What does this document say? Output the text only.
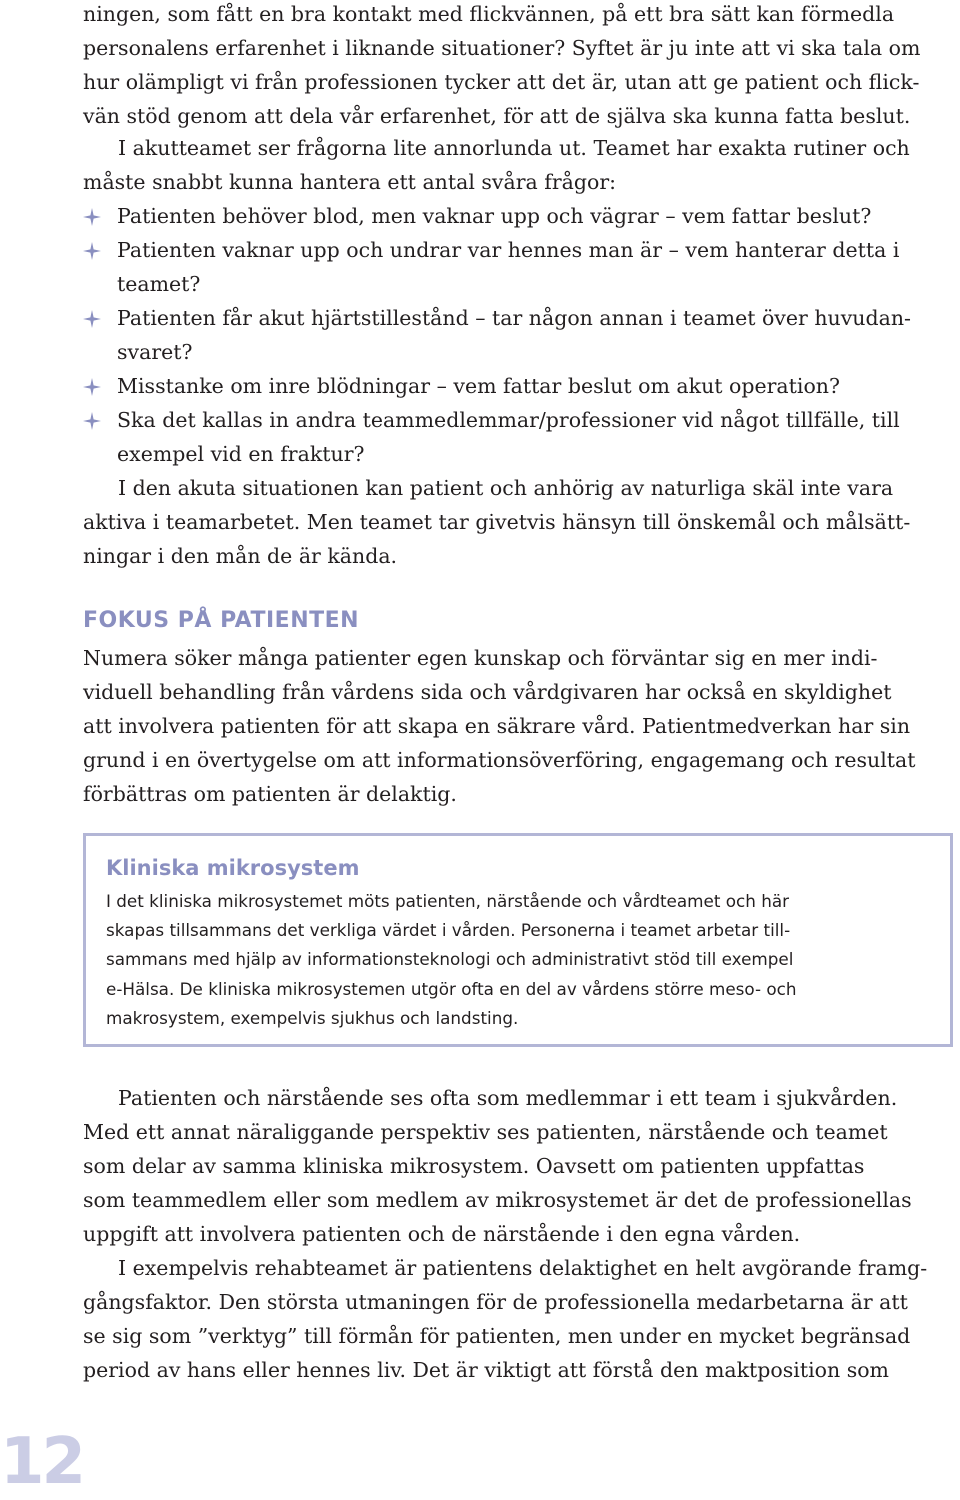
ningen, som fått en bra kontakt med flickvännen, på ett bra sätt kan förmedla

personalens erfarenhet i liknande situationer? Syftet är ju inte att vi ska tala om

hur olämpligt vi från professionen tycker att det är, utan att ge patient och flick-

vän stöd genom att dela vår erfarenhet, för att de själva ska kunna fatta beslut.

I akutteamet ser frågorna lite annorlunda ut. Teamet har exakta rutiner och

måste snabbt kunna hantera ett antal svåra frågor:

Patienten behöver blod, men vaknar upp och vägrar – vem fattar beslut?
Patienten vaknar upp och undrar var hennes man är – vem hanterar detta i
teamet?
Patienten får akut hjärtstillestånd – tar någon annan i teamet över huvudan-
svaret?
Misstanke om inre blödningar – vem fattar beslut om akut operation?
Ska det kallas in andra teammedlemmar/professioner vid något tillfälle, till
exempel vid en fraktur?

I den akuta situationen kan patient och anhörig av naturliga skäl inte vara

aktiva i teamarbetet. Men teamet tar givetvis hänsyn till önskemål och målsätt-

ningar i den mån de är kända.

FOKUS PÅ PATIENTEN

Numera söker många patienter egen kunskap och förväntar sig en mer indi-

viduell behandling från vårdens sida och vårdgivaren har också en skyldighet

att involvera patienten för att skapa en säkrare vård. Patientmedverkan har sin

grund i en övertygelse om att informationsöverföring, engagemang och resultat

förbättras om patienten är delaktig.

Patienten och närstående ses ofta som medlemmar i ett team i sjukvården.

Med ett annat näraliggande perspektiv ses patienten, närstående och teamet

som delar av samma kliniska mikrosystem. Oavsett om patienten uppfattas

som teammedlem eller som medlem av mikrosystemet är det de professionellas

uppgift att involvera patienten och de närstående i den egna vården.

I exempelvis rehabteamet är patientens delaktighet en helt avgörande framg-

gångsfaktor. Den största utmaningen för de professionella medarbetarna är att

se sig som ”verktyg” till förmån för patienten, men under en mycket begränsad

period av hans eller hennes liv. Det är viktigt att förstå den maktposition som

Kliniska mikrosystem
I det kliniska mikrosystemet möts patienten, närstående och vårdteamet och här
skapas tillsammans det verkliga värdet i vården. Personerna i teamet arbetar till-
sammans med hjälp av informationsteknologi och administrativt stöd till exempel
e-Hälsa. De kliniska mikrosystemen utgör ofta en del av vårdens större meso- och
makrosystem, exempelvis sjukhus och landsting.
12
